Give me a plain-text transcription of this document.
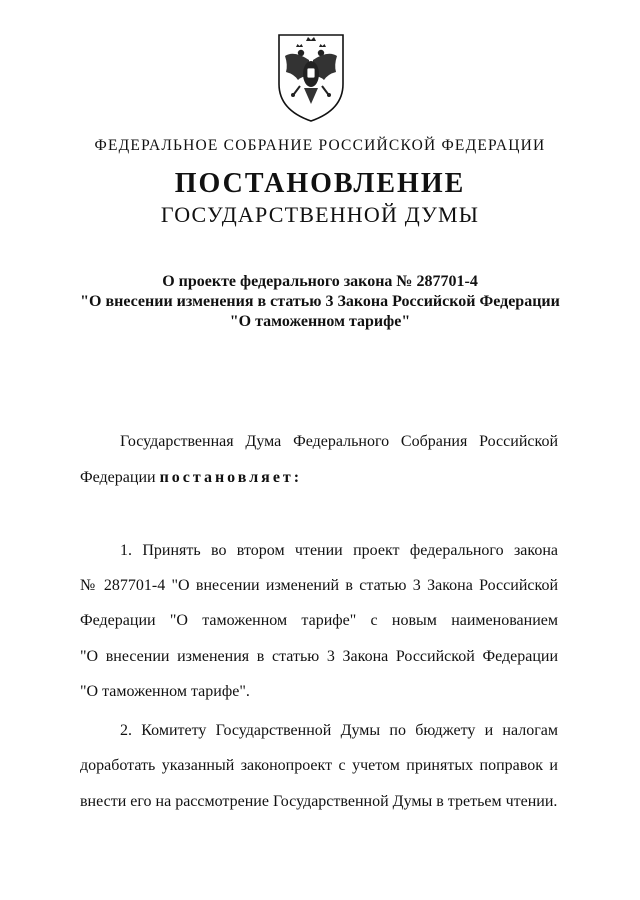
ФЕДЕРАЛЬНОЕ СОБРАНИЕ РОССИЙСКОЙ ФЕДЕРАЦИИ
ПОСТАНОВЛЕНИЕ
ГОСУДАРСТВЕННОЙ ДУМЫ
О проекте федерального закона № 287701-4
"О внесении изменения в статью 3 Закона Российской Федерации
"О таможенном тарифе"
Государственная Дума Федерального Собрания Российской
Федерации постановляет:
1. Принять во втором чтении проект федерального закона
№ 287701-4 "О внесении изменений в статью 3 Закона Российской
Федерации "О таможенном тарифе" с новым наименованием
"О внесении изменения в статью 3 Закона Российской Федерации
"О таможенном тарифе".
2. Комитету Государственной Думы по бюджету и налогам
доработать указанный законопроект с учетом принятых поправок и
внести его на рассмотрение Государственной Думы в третьем чтении.
